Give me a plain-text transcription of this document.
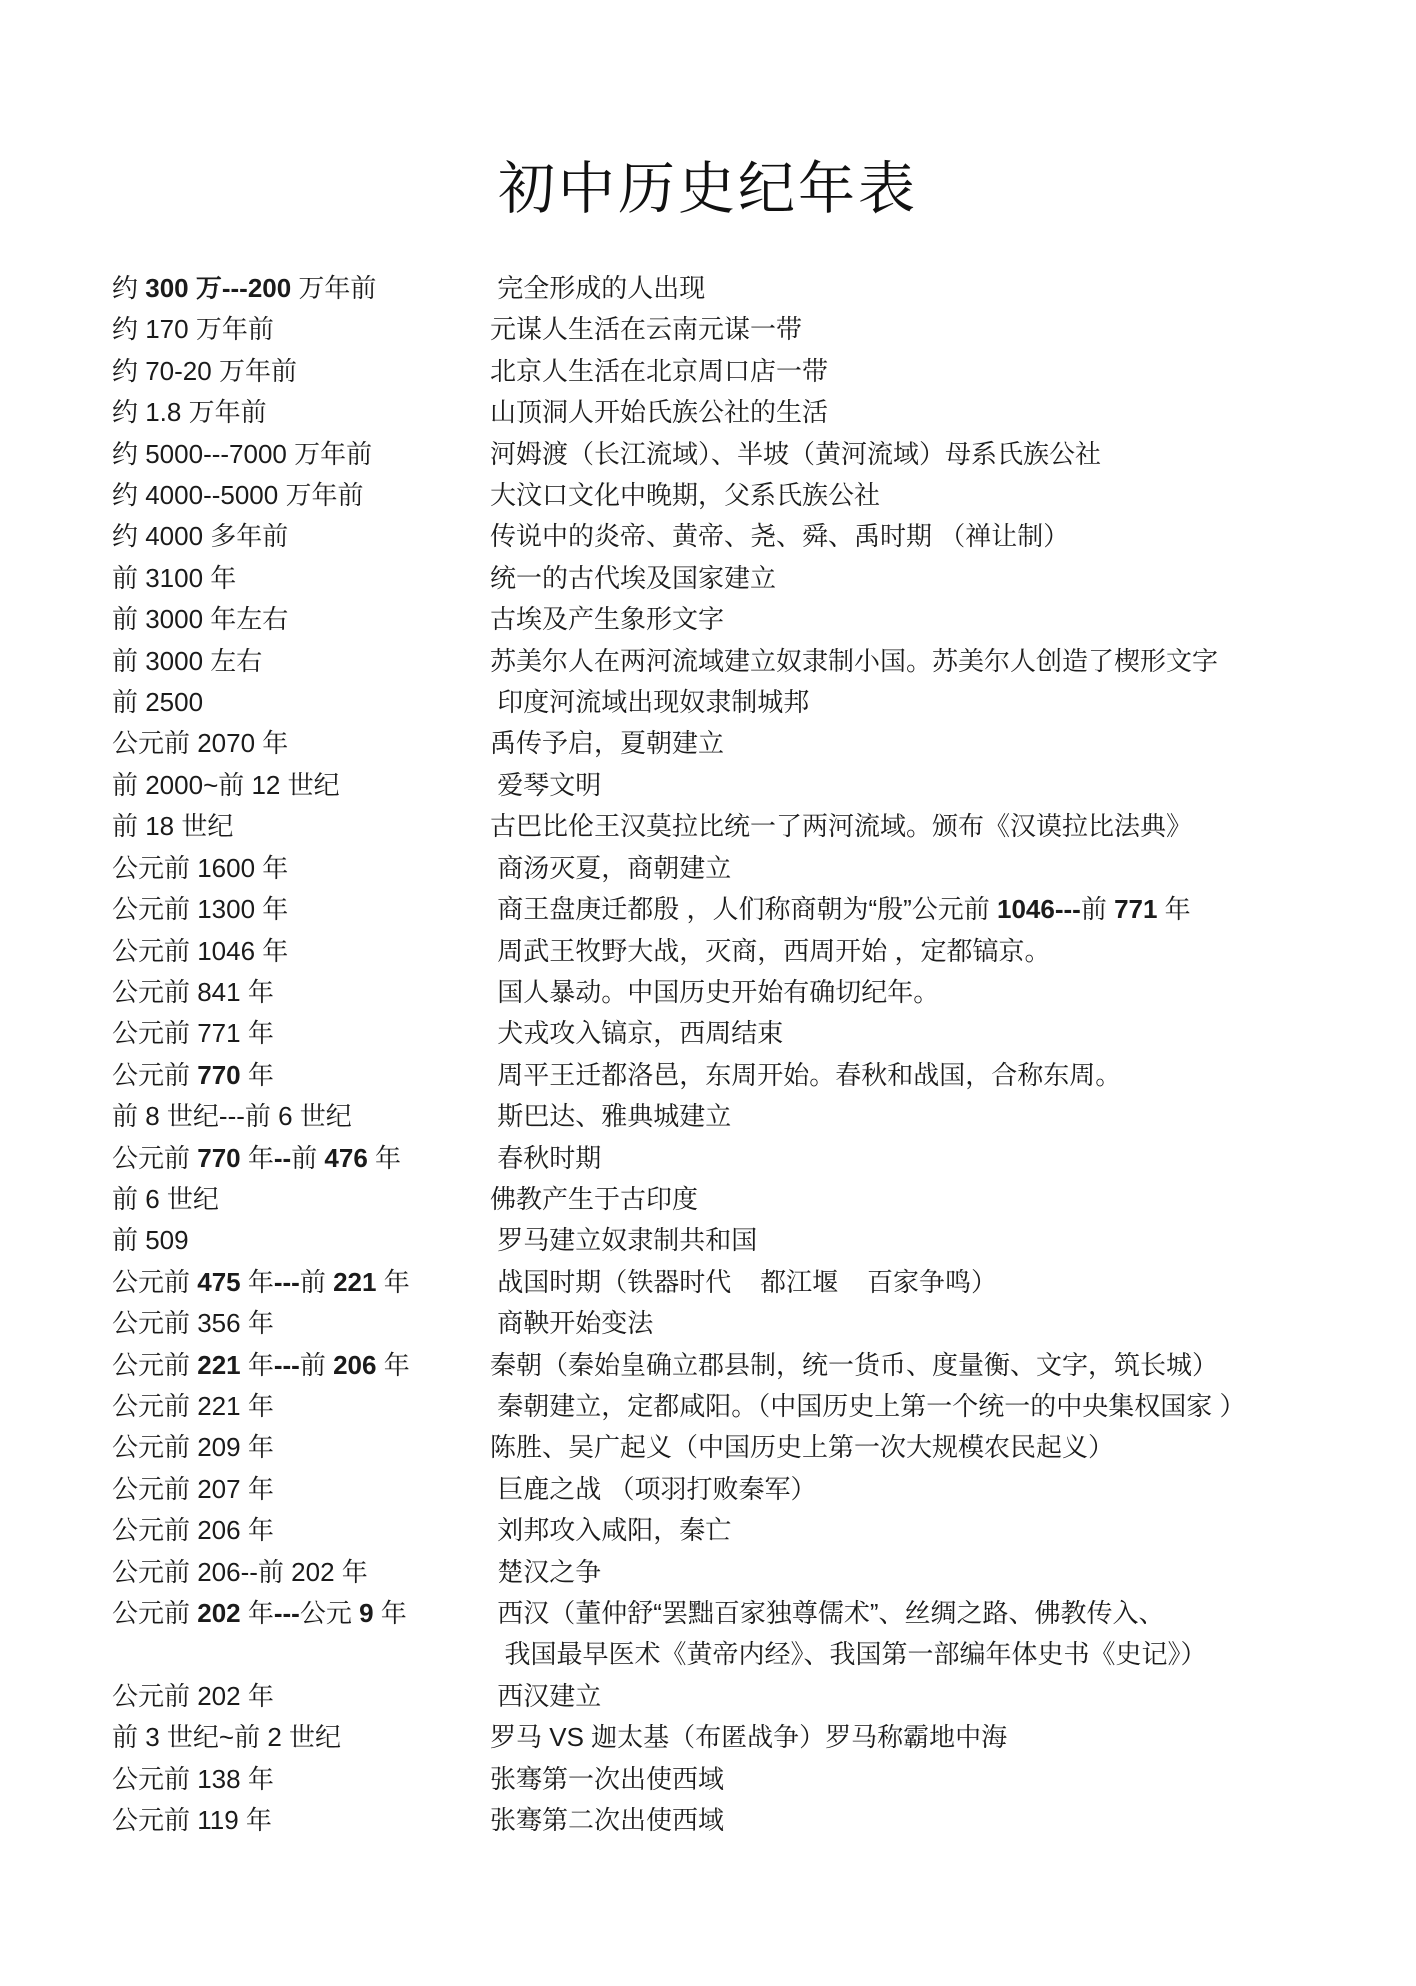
初中历史纪年表
约 300 万---200 万年前	完全形成的人出现
约 170 万年前	元谋人生活在云南元谋一带
约 70-20 万年前	北京人生活在北京周口店一带
约 1.8 万年前	山顶洞人开始氏族公社的生活
约 5000---7000 万年前	河姆渡（长江流域）、半坡（黄河流域）母系氏族公社
约 4000--5000 万年前	大汶口文化中晚期，父系氏族公社
约 4000 多年前	传说中的炎帝、黄帝、尧、舜、禹时期 （禅让制）
前 3100 年	统一的古代埃及国家建立
前 3000 年左右	古埃及产生象形文字
前 3000 左右	苏美尔人在两河流域建立奴隶制小国。苏美尔人创造了楔形文字
前 2500	印度河流域出现奴隶制城邦
公元前 2070 年	禹传予启，夏朝建立
前 2000~前 12 世纪	爱琴文明
前 18 世纪	古巴比伦王汉莫拉比统一了两河流域。颁布《汉谟拉比法典》
公元前 1600 年	商汤灭夏，商朝建立
公元前 1300 年	商王盘庚迁都殷 ，人们称商朝为“殷”公元前 1046---前 771 年
公元前 1046 年	周武王牧野大战，灭商，西周开始 ，定都镐京。
公元前 841 年	国人暴动。中国历史开始有确切纪年。
公元前 771 年	犬戎攻入镐京，西周结束
公元前 770 年	周平王迁都洛邑，东周开始。春秋和战国，合称东周。
前 8 世纪---前 6 世纪	斯巴达、雅典城建立
公元前 770 年--前 476 年	春秋时期
前 6 世纪	佛教产生于古印度
前 509	罗马建立奴隶制共和国
公元前 475 年---前 221 年	战国时期（铁器时代    都江堰    百家争鸣）
公元前 356 年	商鞅开始变法
公元前 221 年---前 206 年	秦朝（秦始皇确立郡县制，统一货币、度量衡、文字，筑长城）
公元前 221 年	秦朝建立，定都咸阳。（中国历史上第一个统一的中央集权国家 ）
公元前 209 年	陈胜、吴广起义（中国历史上第一次大规模农民起义）
公元前 207 年	巨鹿之战 （项羽打败秦军）
公元前 206 年	刘邦攻入咸阳，秦亡
公元前 206--前 202 年	楚汉之争
公元前 202 年---公元 9 年	西汉（董仲舒“罢黜百家独尊儒术”、丝绸之路、佛教传入、
我国最早医术《黄帝内经》、我国第一部编年体史书《史记》）
公元前 202 年	西汉建立
前 3 世纪~前 2 世纪	罗马 VS 迦太基（布匿战争）罗马称霸地中海
公元前 138 年	张骞第一次出使西域
公元前 119 年	张骞第二次出使西域
